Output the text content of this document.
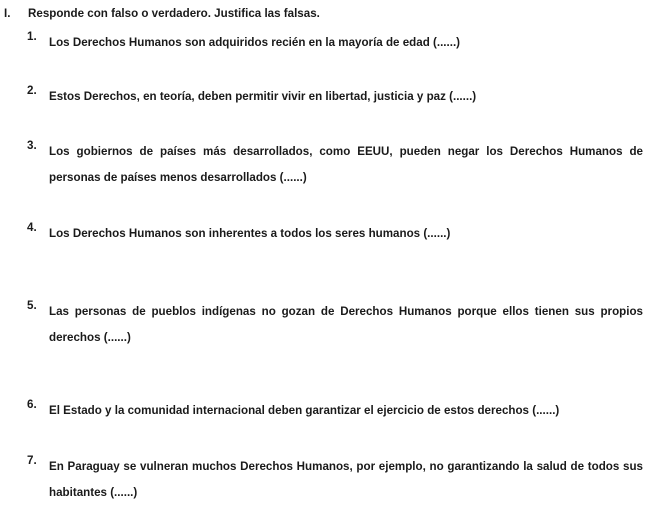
I. Responde con falso o verdadero. Justifica las falsas.
1. Los Derechos Humanos son adquiridos recién en la mayoría de edad (......)
2. Estos Derechos, en teoría, deben permitir vivir en libertad, justicia y paz (......)
3. Los gobiernos de países más desarrollados, como EEUU, pueden negar los Derechos Humanos de personas de países menos desarrollados (......)
4. Los Derechos Humanos son inherentes a todos los seres humanos (......)
5. Las personas de pueblos indígenas no gozan de Derechos Humanos porque ellos tienen sus propios derechos (......)
6. El Estado y la comunidad internacional deben garantizar el ejercicio de estos derechos (......)
7. En Paraguay se vulneran muchos Derechos Humanos, por ejemplo, no garantizando la salud de todos sus habitantes (......)
